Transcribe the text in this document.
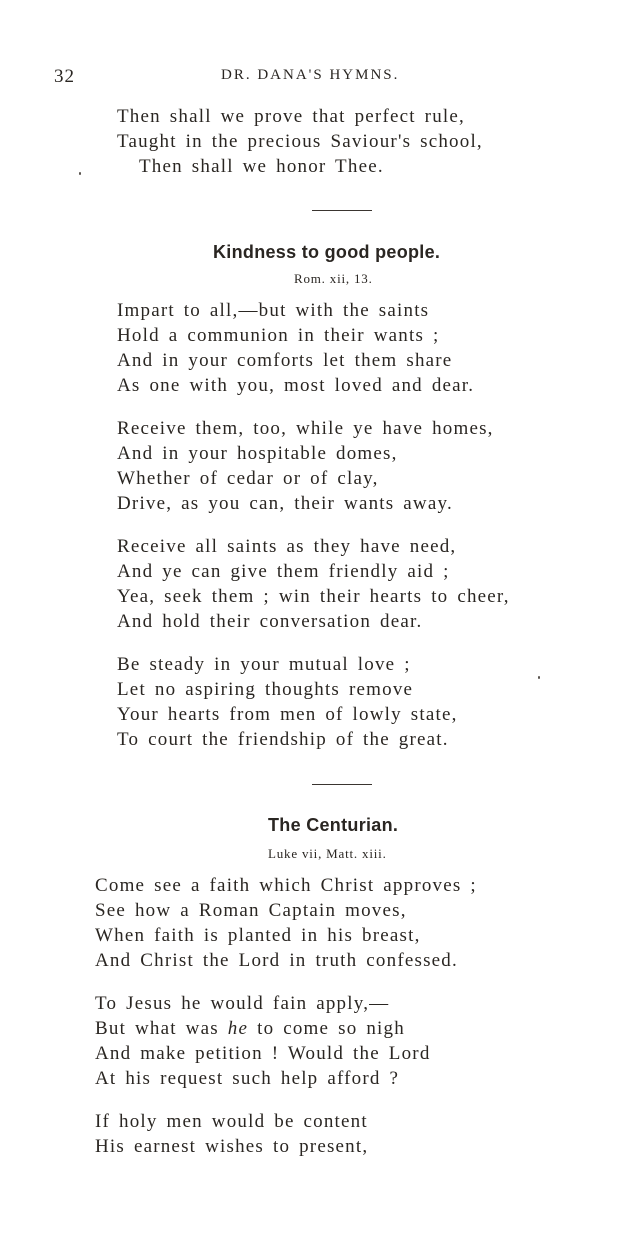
32	DR. DANA'S HYMNS.
Then shall we prove that perfect rule,
Taught in the precious Saviour's school,
Then shall we honor Thee.
Kindness to good people.
Rom. xii, 13.
Impart to all,—but with the saints
Hold a communion in their wants ;
And in your comforts let them share
As one with you, most loved and dear.
Receive them, too, while ye have homes,
And in your hospitable domes,
Whether of cedar or of clay,
Drive, as you can, their wants away.
Receive all saints as they have need,
And ye can give them friendly aid ;
Yea, seek them ; win their hearts to cheer,
And hold their conversation dear.
Be steady in your mutual love ;
Let no aspiring thoughts remove
Your hearts from men of lowly state,
To court the friendship of the great.
The Centurian.
Luke vii, Matt. xiii.
Come see a faith which Christ approves ;
See how a Roman Captain moves,
When faith is planted in his breast,
And Christ the Lord in truth confessed.
To Jesus he would fain apply,—
But what was he to come so nigh
And make petition ! Would the Lord
At his request such help afford ?
If holy men would be content
His earnest wishes to present,
